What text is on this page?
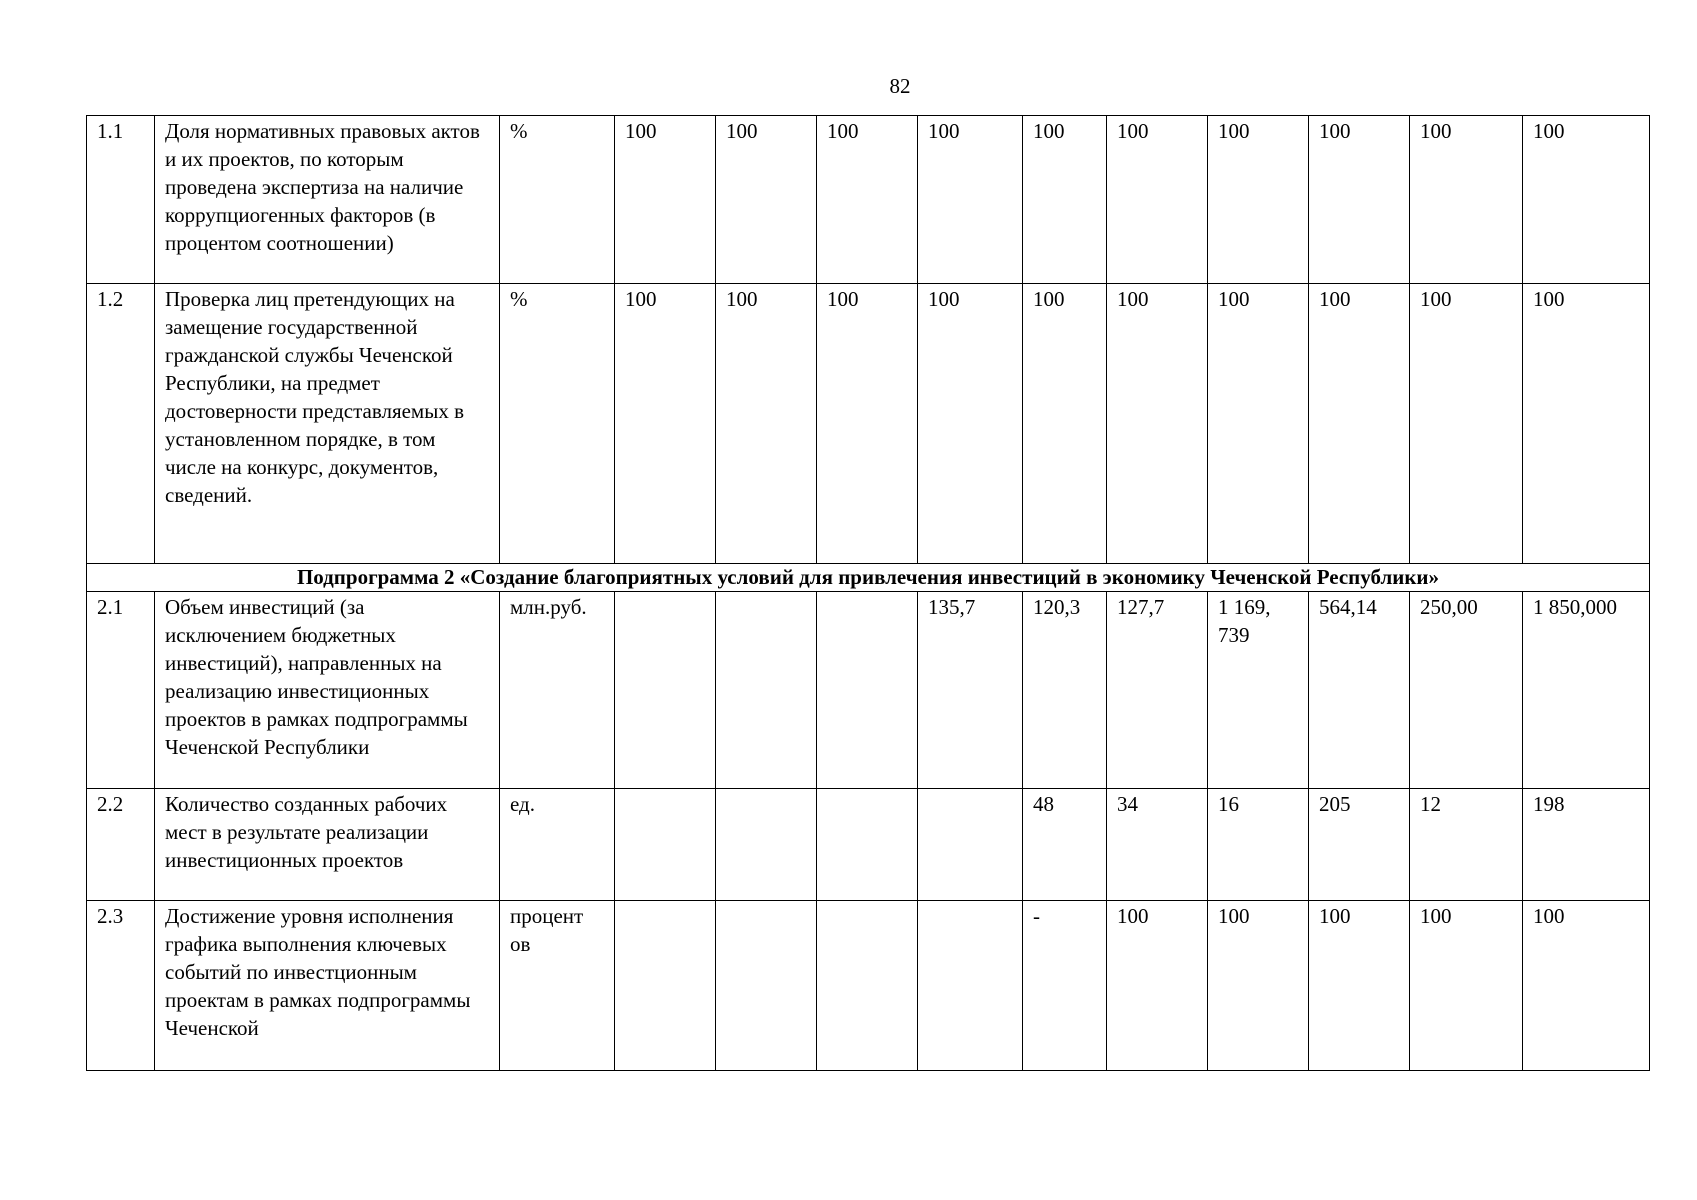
82
1.1	Доля нормативных правовых актов и их проектов, по которым проведена экспертиза на наличие коррупциогенных факторов (в процентом соотношении)	%	100	100	100	100	100	100	100	100	100	100
1.2	Проверка лиц претендующих на замещение государственной гражданской службы Чеченской Республики, на предмет достоверности представляемых в установленном порядке, в том числе на конкурс, документов, сведений.	%	100	100	100	100	100	100	100	100	100	100
Подпрограмма 2 «Создание благоприятных условий для привлечения инвестиций в экономику Чеченской Республики»												
2.1	Объем инвестиций (за исключением бюджетных инвестиций), направленных на реализацию инвестиционных проектов в рамках подпрограммы Чеченской Республики	млн.руб.				135,7	120,3	127,7	1 169, 739	564,14	250,00	1 850,000
2.2	Количество созданных рабочих мест в результате реализации инвестиционных проектов	ед.					48	34	16	205	12	198
2.3	Достижение уровня исполнения графика выполнения ключевых событий по инвестционным проектам в рамках подпрограммы Чеченской	процент ов					-	100	100	100	100	100
